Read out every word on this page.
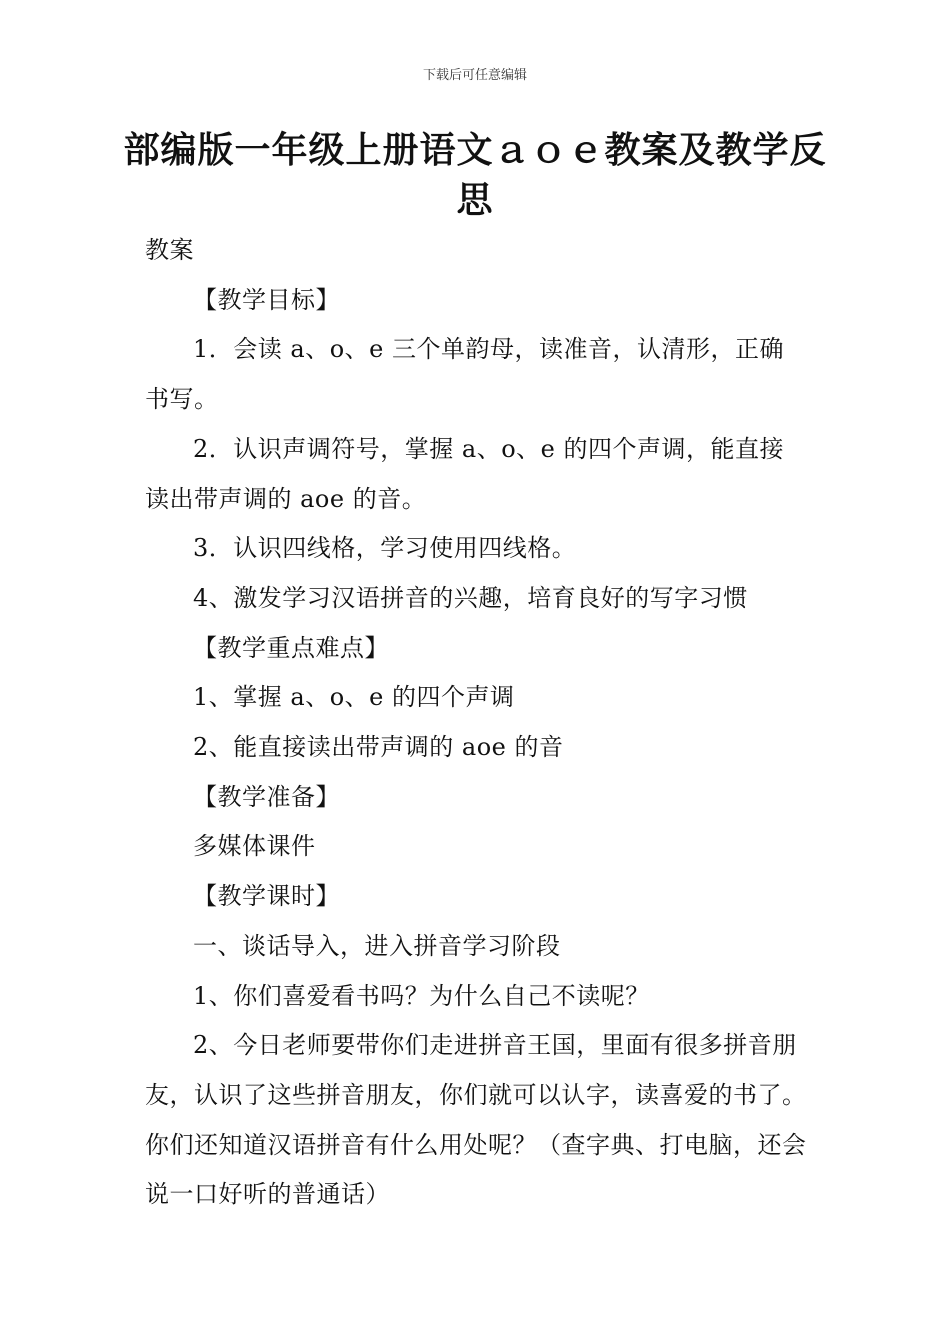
下载后可任意编辑
部编版一年级上册语文ａｏｅ教案及教学反思

教案

【教学目标】

1．会读 a、o、e 三个单韵母，读准音，认清形，正确书写。

2．认识声调符号，掌握 a、o、e 的四个声调，能直接读出带声调的 aoe 的音。

3．认识四线格，学习使用四线格。

4、激发学习汉语拼音的兴趣，培育良好的写字习惯

【教学重点难点】

1、掌握 a、o、e 的四个声调

2、能直接读出带声调的 aoe 的音

【教学准备】

多媒体课件

【教学课时】

一、谈话导入，进入拼音学习阶段

1、你们喜爱看书吗？为什么自己不读呢？

2、今日老师要带你们走进拼音王国，里面有很多拼音朋友，认识了这些拼音朋友，你们就可以认字，读喜爱的书了。你们还知道汉语拼音有什么用处呢？（查字典、打电脑，还会说一口好听的普通话）
